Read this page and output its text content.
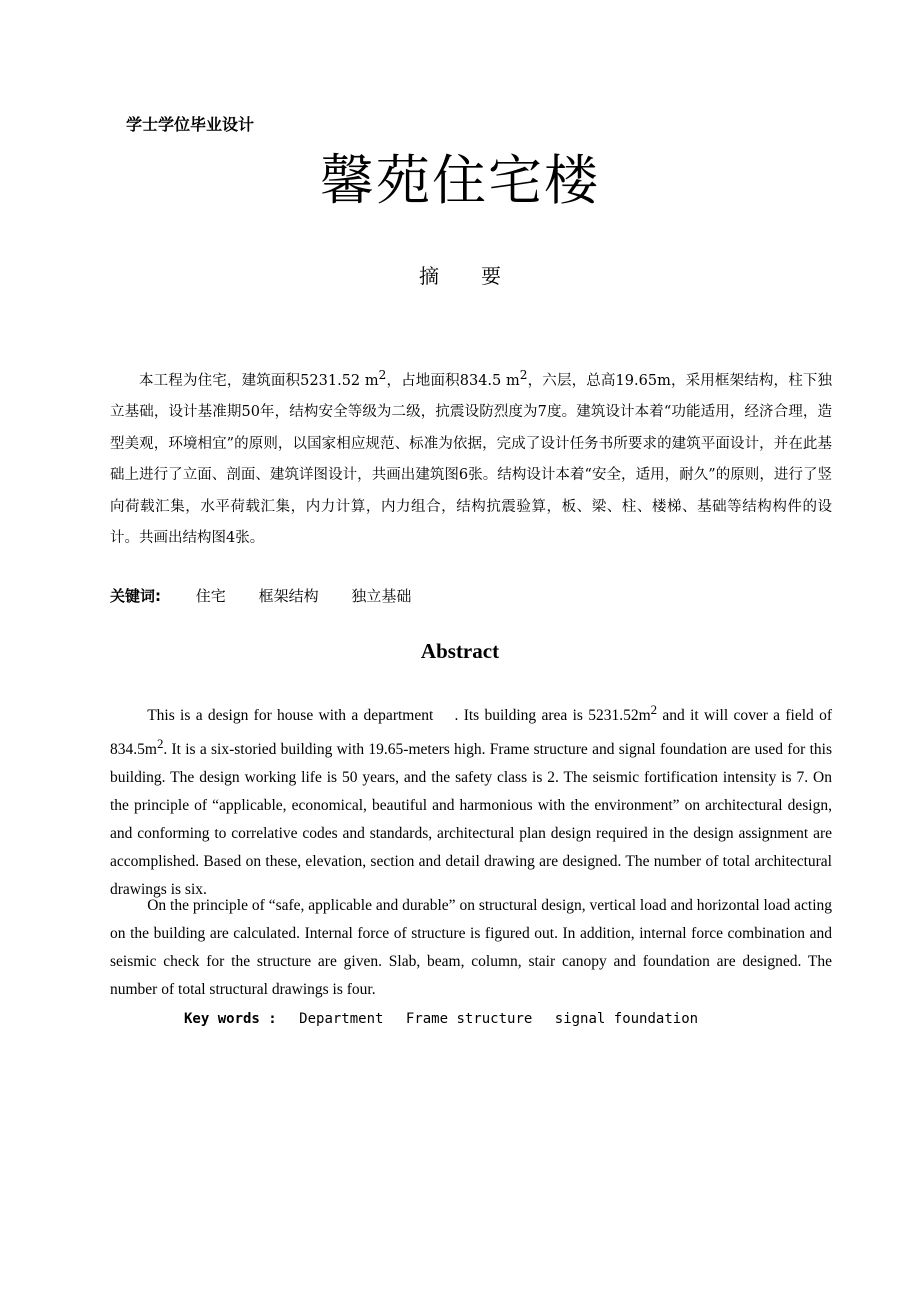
学士学位毕业设计
馨苑住宅楼
摘 要

本工程为住宅，建筑面积5231.52 $m^2$，占地面积834.5 $m^2$，六层，总高19.65m，采用框架结构，柱下独立基础，设计基准期50年，结构安全等级为二级，抗震设防烈度为7度。建筑设计本着“功能适用，经济合理，造型美观，环境相宜”的原则，以国家相应规范、标准为依据，完成了设计任务书所要求的建筑平面设计，并在此基础上进行了立面、剖面、建筑详图设计，共画出建筑图6张。结构设计本着“安全，适用，耐久”的原则，进行了竖向荷载汇集，水平荷载汇集，内力计算，内力组合，结构抗震验算，板、梁、柱、楼梯、基础等结构构件的设计。共画出结构图4张。

关键词: 住宅 框架结构 独立基础
Abstract

This is a design for house with a department . Its building area is $5231.52m^2$ and it will cover a field of $834.5m^2$. It is a six-storied building with 19.65-meters high. Frame structure and signal foundation are used for this building. The design working life is 50 years, and the safety class is 2. The seismic fortification intensity is 7. On the principle of “applicable, economical, beautiful and harmonious with the environment” on architectural design, and conforming to correlative codes and standards, architectural plan design required in the design assignment are accomplished. Based on these, elevation, section and detail drawing are designed. The number of total architectural drawings is six.

On the principle of “safe, applicable and durable” on structural design, vertical load and horizontal load acting on the building are calculated. Internal force of structure is figured out. In addition, internal force combination and seismic check for the structure are given. Slab, beam, column, stair canopy and foundation are designed. The number of total structural drawings is four.

Key words : Department Frame structure signal foundation
